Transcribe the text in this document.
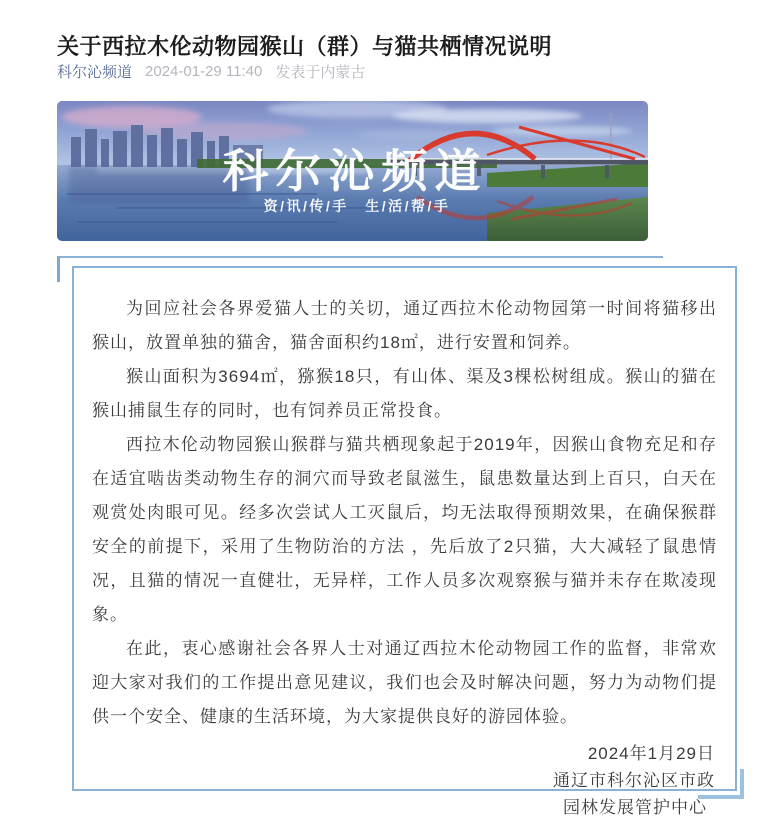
关于西拉木伦动物园猴山（群）与猫共栖情况说明
科尔沁频道 2024-01-29 11:40 发表于内蒙古
科尔沁频道
资/讯/传/手　生/活/帮/手

为回应社会各界爱猫人士的关切，通辽西拉木伦动物园第一时间将猫移出猴山，放置单独的猫舍，猫舍面积约18㎡，进行安置和饲养。

猴山面积为3694㎡，猕猴18只，有山体、渠及3棵松树组成。猴山的猫在猴山捕鼠生存的同时，也有饲养员正常投食。

西拉木伦动物园猴山猴群与猫共栖现象起于2019年，因猴山食物充足和存在适宜啮齿类动物生存的洞穴而导致老鼠滋生，鼠患数量达到上百只，白天在观赏处肉眼可见。经多次尝试人工灭鼠后，均无法取得预期效果，在确保猴群安全的前提下，采用了生物防治的方法 ，先后放了2只猫，大大减轻了鼠患情况，且猫的情况一直健壮，无异样，工作人员多次观察猴与猫并未存在欺凌现象。

在此，衷心感谢社会各界人士对通辽西拉木伦动物园工作的监督，非常欢迎大家对我们的工作提出意见建议，我们也会及时解决问题，努力为动物们提供一个安全、健康的生活环境，为大家提供良好的游园体验。

2024年1月29日
通辽市科尔沁区市政
园林发展管护中心
